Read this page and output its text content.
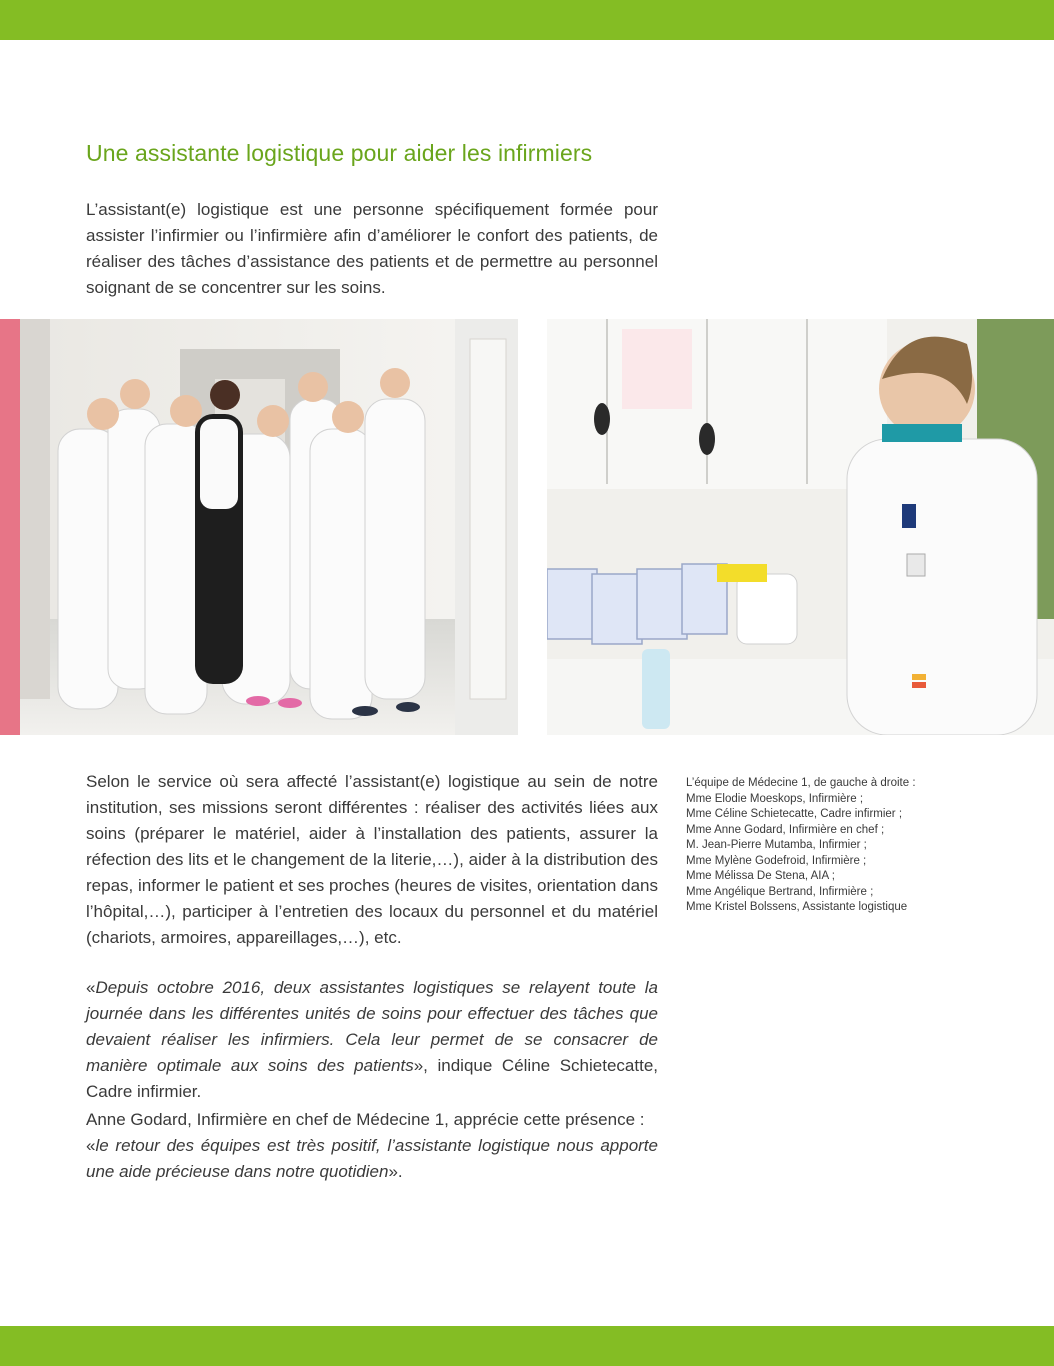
Une assistante logistique pour aider les infirmiers

L’assistant(e) logistique est une personne spécifiquement formée pour assister l’infirmier ou l’infirmière afin d’améliorer le confort des patients, de réaliser des tâches d’assistance des patients et de permettre au personnel soignant de se concentrer sur les soins.

Selon le service où sera affecté l’assistant(e) logistique au sein de notre institution, ses missions seront différentes : réaliser des activités liées aux soins (préparer le matériel, aider à l’installation des patients, assurer la réfection des lits et le changement de la literie,…), aider à la distribution des repas, informer le patient et ses proches (heures de visites, orientation dans l’hôpital,…), participer à l’entretien des locaux du personnel et du matériel (chariots, armoires, appareillages,…), etc.

«Depuis octobre 2016, deux assistantes logistiques se relayent toute la journée dans les différentes unités de soins pour effectuer des tâches que devaient réaliser les infirmiers. Cela leur permet de se consacrer de manière optimale aux soins des patients», indique Céline Schietecatte, Cadre infirmier.

Anne Godard, Infirmière en chef de Médecine 1, apprécie cette présence :
«le retour des équipes est très positif, l’assistante logistique nous apporte une aide précieuse dans notre quotidien».

L’équipe de Médecine 1, de gauche à droite :
Mme Elodie Moeskops, Infirmière ;
Mme Céline Schietecatte, Cadre infirmier ;
Mme Anne Godard, Infirmière en chef ;
M. Jean-Pierre Mutamba, Infirmier ;
Mme Mylène Godefroid, Infirmière ;
Mme Mélissa De Stena, AIA ;
Mme Angélique Bertrand, Infirmière ;
Mme Kristel Bolssens, Assistante logistique
